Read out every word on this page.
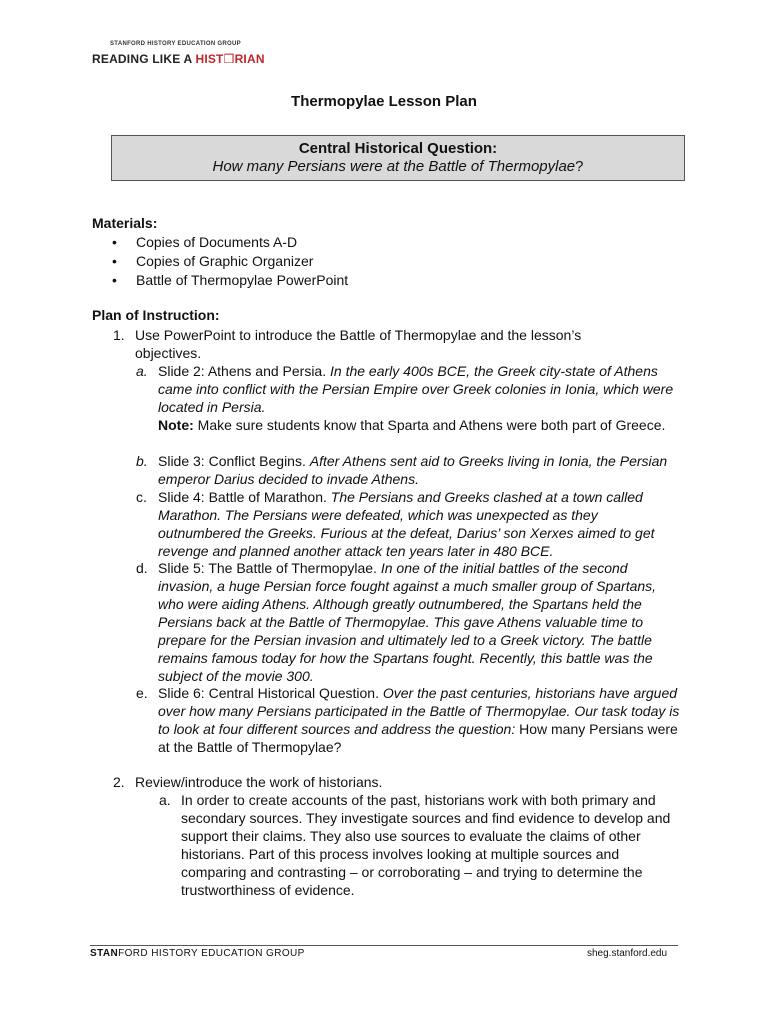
STANFORD HISTORY EDUCATION GROUP
READING LIKE A HIST❒RIAN
Thermopylae Lesson Plan
Central Historical Question:
How many Persians were at the Battle of Thermopylae?
Materials:
• Copies of Documents A-D
• Copies of Graphic Organizer
• Battle of Thermopylae PowerPoint
Plan of Instruction:
1. Use PowerPoint to introduce the Battle of Thermopylae and the lesson’s objectives.
a. Slide 2: Athens and Persia. In the early 400s BCE, the Greek city-state of Athens came into conflict with the Persian Empire over Greek colonies in Ionia, which were located in Persia.
Note: Make sure students know that Sparta and Athens were both part of Greece.
b. Slide 3: Conflict Begins. After Athens sent aid to Greeks living in Ionia, the Persian emperor Darius decided to invade Athens.
c. Slide 4: Battle of Marathon. The Persians and Greeks clashed at a town called Marathon. The Persians were defeated, which was unexpected as they outnumbered the Greeks. Furious at the defeat, Darius’ son Xerxes aimed to get revenge and planned another attack ten years later in 480 BCE.
d. Slide 5: The Battle of Thermopylae. In one of the initial battles of the second invasion, a huge Persian force fought against a much smaller group of Spartans, who were aiding Athens. Although greatly outnumbered, the Spartans held the Persians back at the Battle of Thermopylae. This gave Athens valuable time to prepare for the Persian invasion and ultimately led to a Greek victory. The battle remains famous today for how the Spartans fought. Recently, this battle was the subject of the movie 300.
e. Slide 6: Central Historical Question. Over the past centuries, historians have argued over how many Persians participated in the Battle of Thermopylae. Our task today is to look at four different sources and address the question: How many Persians were at the Battle of Thermopylae?
2. Review/introduce the work of historians.
a. In order to create accounts of the past, historians work with both primary and secondary sources. They investigate sources and find evidence to develop and support their claims. They also use sources to evaluate the claims of other historians. Part of this process involves looking at multiple sources and comparing and contrasting – or corroborating – and trying to determine the trustworthiness of evidence.
STANFORD HISTORY EDUCATION GROUP	sheg.stanford.edu
